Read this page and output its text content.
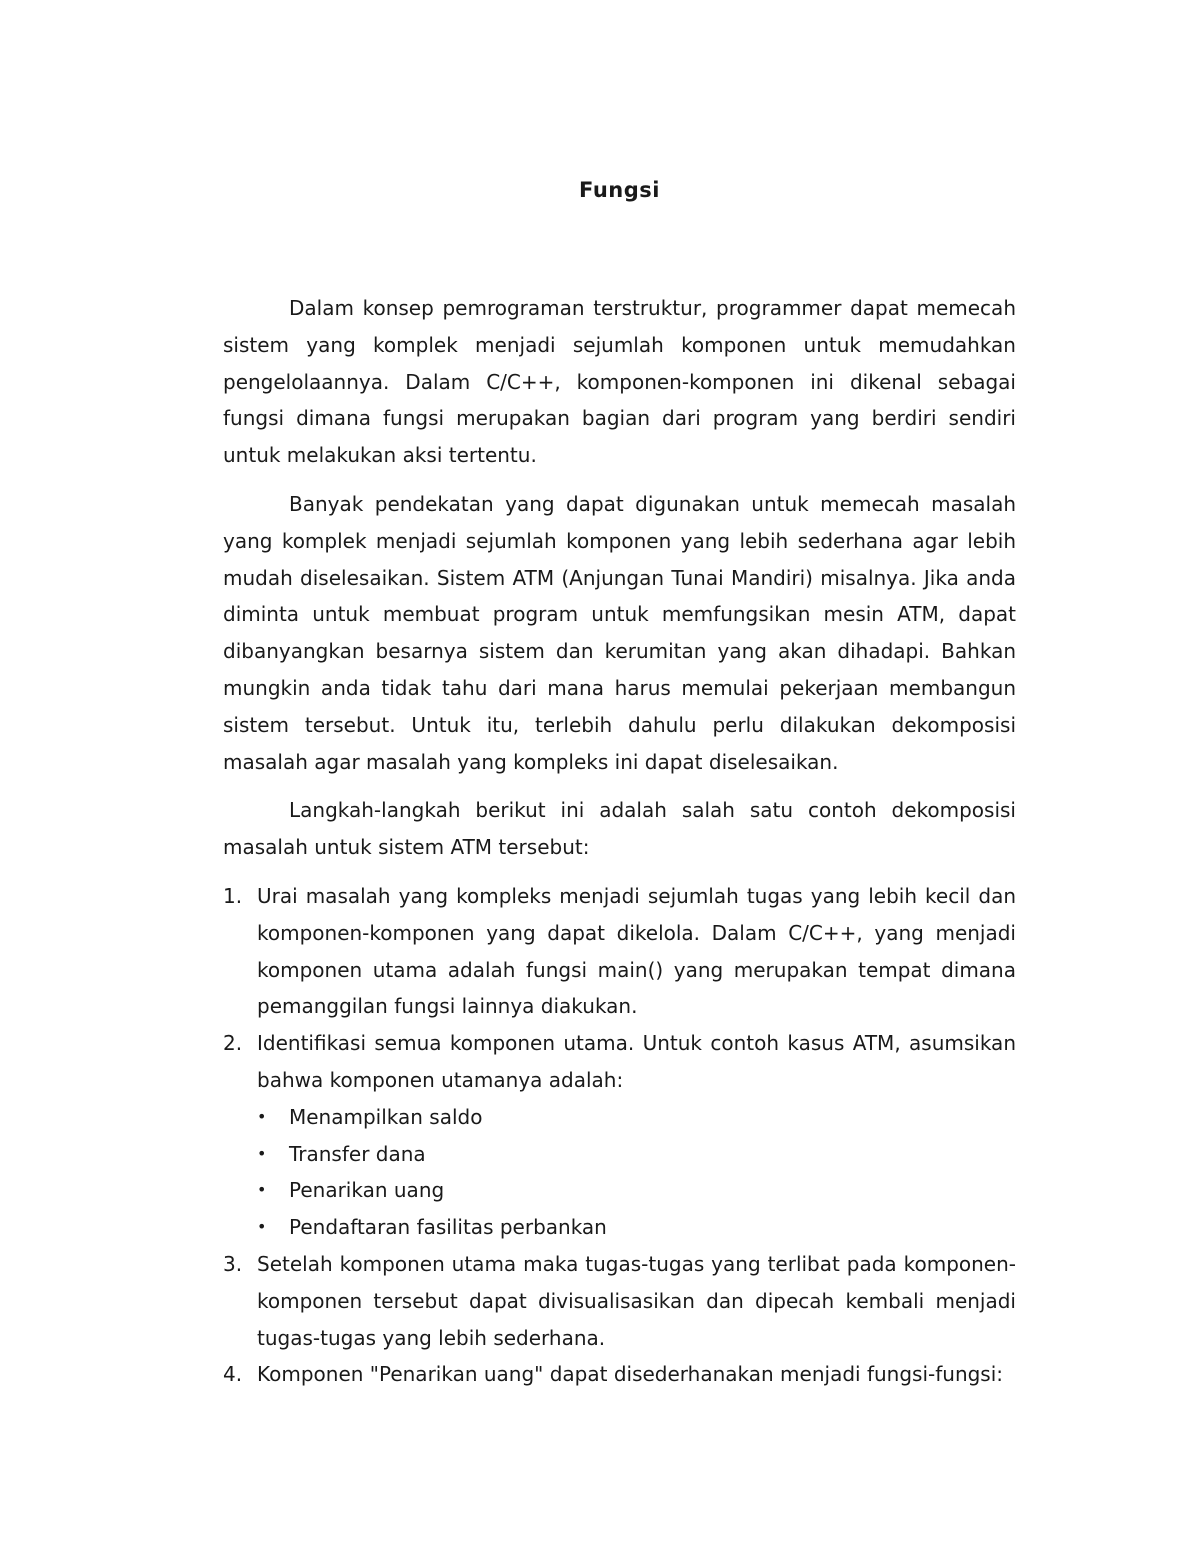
Fungsi

Dalam konsep pemrograman terstruktur, programmer dapat memecah sistem yang komplek menjadi sejumlah komponen untuk memudahkan pengelolaannya. Dalam C/C++, komponen-komponen ini dikenal sebagai fungsi dimana fungsi merupakan bagian dari program yang berdiri sendiri untuk melakukan aksi tertentu.

Banyak pendekatan yang dapat digunakan untuk memecah masalah yang komplek menjadi sejumlah komponen yang lebih sederhana agar lebih mudah diselesaikan. Sistem ATM (Anjungan Tunai Mandiri) misalnya. Jika anda diminta untuk membuat program untuk memfungsikan mesin ATM, dapat dibanyangkan besarnya sistem dan kerumitan yang akan dihadapi. Bahkan mungkin anda tidak tahu dari mana harus memulai pekerjaan membangun sistem tersebut. Untuk itu, terlebih dahulu perlu dilakukan dekomposisi masalah agar masalah yang kompleks ini dapat diselesaikan.

Langkah-langkah berikut ini adalah salah satu contoh dekomposisi masalah untuk sistem ATM tersebut:

1. Urai masalah yang kompleks menjadi sejumlah tugas yang lebih kecil dan komponen-komponen yang dapat dikelola. Dalam C/C++, yang menjadi komponen utama adalah fungsi main() yang merupakan tempat dimana pemanggilan fungsi lainnya diakukan.
2. Identifikasi semua komponen utama. Untuk contoh kasus ATM, asumsikan bahwa komponen utamanya adalah:
• Menampilkan saldo
• Transfer dana
• Penarikan uang
• Pendaftaran fasilitas perbankan
3. Setelah komponen utama maka tugas-tugas yang terlibat pada komponen-komponen tersebut dapat divisualisasikan dan dipecah kembali menjadi tugas-tugas yang lebih sederhana.
4. Komponen "Penarikan uang" dapat disederhanakan menjadi fungsi-fungsi:
